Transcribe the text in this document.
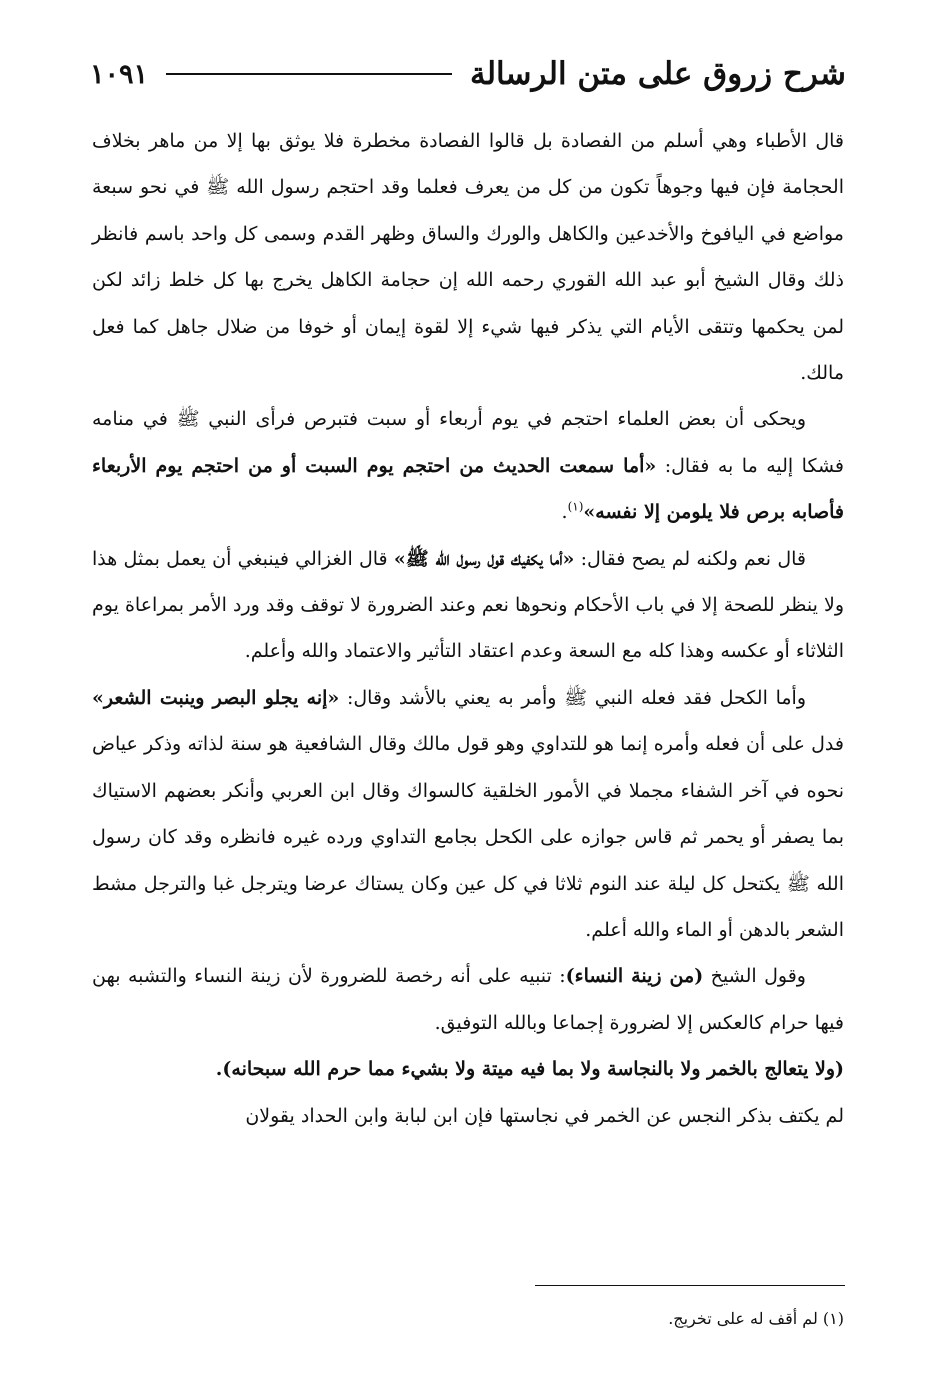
شرح زروق على متن الرسالة
١٠٩١

قال الأطباء وهي أسلم من الفصادة بل قالوا الفصادة مخطرة فلا يوثق بها إلا من ماهر بخلاف الحجامة فإن فيها وجوهاً تكون من كل من يعرف فعلما وقد احتجم رسول الله ﷺ في نحو سبعة مواضع في اليافوخ والأخدعين والكاهل والورك والساق وظهر القدم وسمى كل واحد باسم فانظر ذلك وقال الشيخ أبو عبد الله القوري رحمه الله إن حجامة الكاهل يخرج بها كل خلط زائد لكن لمن يحكمها وتتقى الأيام التي يذكر فيها شيء إلا لقوة إيمان أو خوفا من ضلال جاهل كما فعل مالك.

ويحكى أن بعض العلماء احتجم في يوم أربعاء أو سبت فتبرص فرأى النبي ﷺ في منامه فشكا إليه ما به فقال: «أما سمعت الحديث من احتجم يوم السبت أو من احتجم يوم الأربعاء فأصابه برص فلا يلومن إلا نفسه»$^{(١)}$.

قال نعم ولكنه لم يصح فقال: «أما يكفيك قول رسول الله ﷺ» قال الغزالي فينبغي أن يعمل بمثل هذا ولا ينظر للصحة إلا في باب الأحكام ونحوها نعم وعند الضرورة لا توقف وقد ورد الأمر بمراعاة يوم الثلاثاء أو عكسه وهذا كله مع السعة وعدم اعتقاد التأثير والاعتماد والله وأعلم.

وأما الكحل فقد فعله النبي ﷺ وأمر به يعني بالأشد وقال: «إنه يجلو البصر وينبت الشعر» فدل على أن فعله وأمره إنما هو للتداوي وهو قول مالك وقال الشافعية هو سنة لذاته وذكر عياض نحوه في آخر الشفاء مجملا في الأمور الخلقية كالسواك وقال ابن العربي وأنكر بعضهم الاستياك بما يصفر أو يحمر ثم قاس جوازه على الكحل بجامع التداوي ورده غيره فانظره وقد كان رسول الله ﷺ يكتحل كل ليلة عند النوم ثلاثا في كل عين وكان يستاك عرضا ويترجل غبا والترجل مشط الشعر بالدهن أو الماء والله أعلم.

وقول الشيخ (من زينة النساء): تنبيه على أنه رخصة للضرورة لأن زينة النساء والتشبه بهن فيها حرام كالعكس إلا لضرورة إجماعا وبالله التوفيق.

(ولا يتعالج بالخمر ولا بالنجاسة ولا بما فيه ميتة ولا بشيء مما حرم الله سبحانه).

لم يكتف بذكر النجس عن الخمر في نجاستها فإن ابن لبابة وابن الحداد يقولان

(١) لم أقف له على تخريج.
